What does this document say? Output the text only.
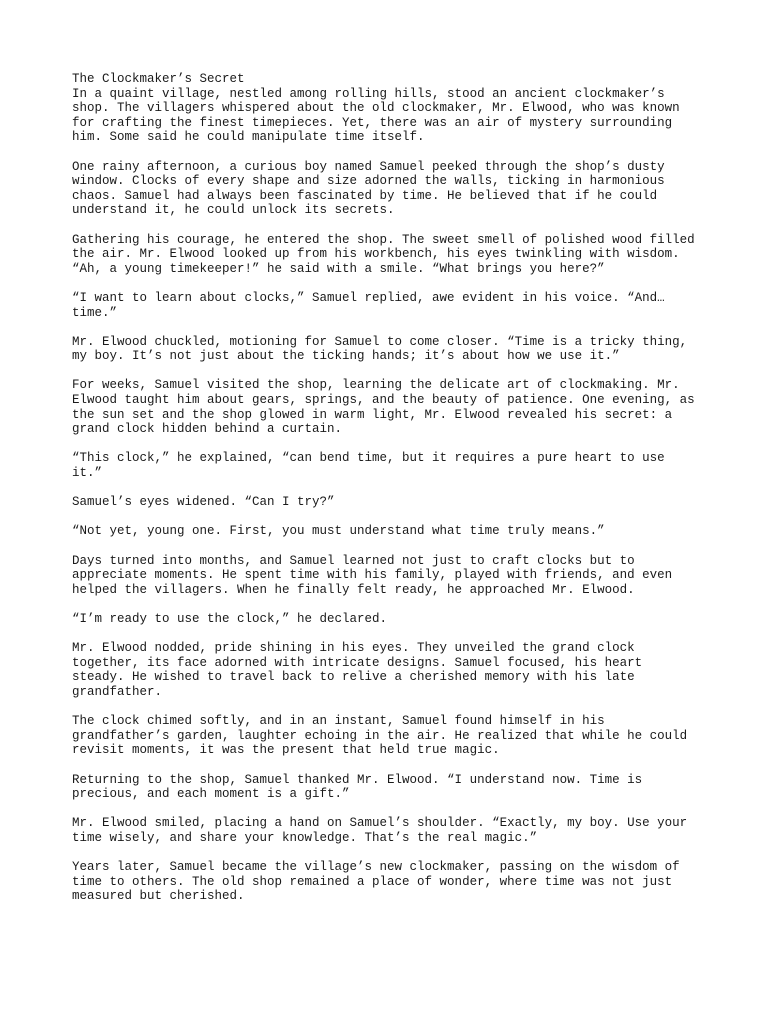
The Clockmaker’s Secret

In a quaint village, nestled among rolling hills, stood an ancient clockmaker’s
shop. The villagers whispered about the old clockmaker, Mr. Elwood, who was known
for crafting the finest timepieces. Yet, there was an air of mystery surrounding
him. Some said he could manipulate time itself.

One rainy afternoon, a curious boy named Samuel peeked through the shop’s dusty
window. Clocks of every shape and size adorned the walls, ticking in harmonious
chaos. Samuel had always been fascinated by time. He believed that if he could
understand it, he could unlock its secrets.

Gathering his courage, he entered the shop. The sweet smell of polished wood filled
the air. Mr. Elwood looked up from his workbench, his eyes twinkling with wisdom.
“Ah, a young timekeeper!” he said with a smile. “What brings you here?”

“I want to learn about clocks,” Samuel replied, awe evident in his voice. “And…
time.”

Mr. Elwood chuckled, motioning for Samuel to come closer. “Time is a tricky thing,
my boy. It’s not just about the ticking hands; it’s about how we use it.”

For weeks, Samuel visited the shop, learning the delicate art of clockmaking. Mr.
Elwood taught him about gears, springs, and the beauty of patience. One evening, as
the sun set and the shop glowed in warm light, Mr. Elwood revealed his secret: a
grand clock hidden behind a curtain.

“This clock,” he explained, “can bend time, but it requires a pure heart to use
it.”

Samuel’s eyes widened. “Can I try?”

“Not yet, young one. First, you must understand what time truly means.”

Days turned into months, and Samuel learned not just to craft clocks but to
appreciate moments. He spent time with his family, played with friends, and even
helped the villagers. When he finally felt ready, he approached Mr. Elwood.

“I’m ready to use the clock,” he declared.

Mr. Elwood nodded, pride shining in his eyes. They unveiled the grand clock
together, its face adorned with intricate designs. Samuel focused, his heart
steady. He wished to travel back to relive a cherished memory with his late
grandfather.

The clock chimed softly, and in an instant, Samuel found himself in his
grandfather’s garden, laughter echoing in the air. He realized that while he could
revisit moments, it was the present that held true magic.

Returning to the shop, Samuel thanked Mr. Elwood. “I understand now. Time is
precious, and each moment is a gift.”

Mr. Elwood smiled, placing a hand on Samuel’s shoulder. “Exactly, my boy. Use your
time wisely, and share your knowledge. That’s the real magic.”

Years later, Samuel became the village’s new clockmaker, passing on the wisdom of
time to others. The old shop remained a place of wonder, where time was not just
measured but cherished.
